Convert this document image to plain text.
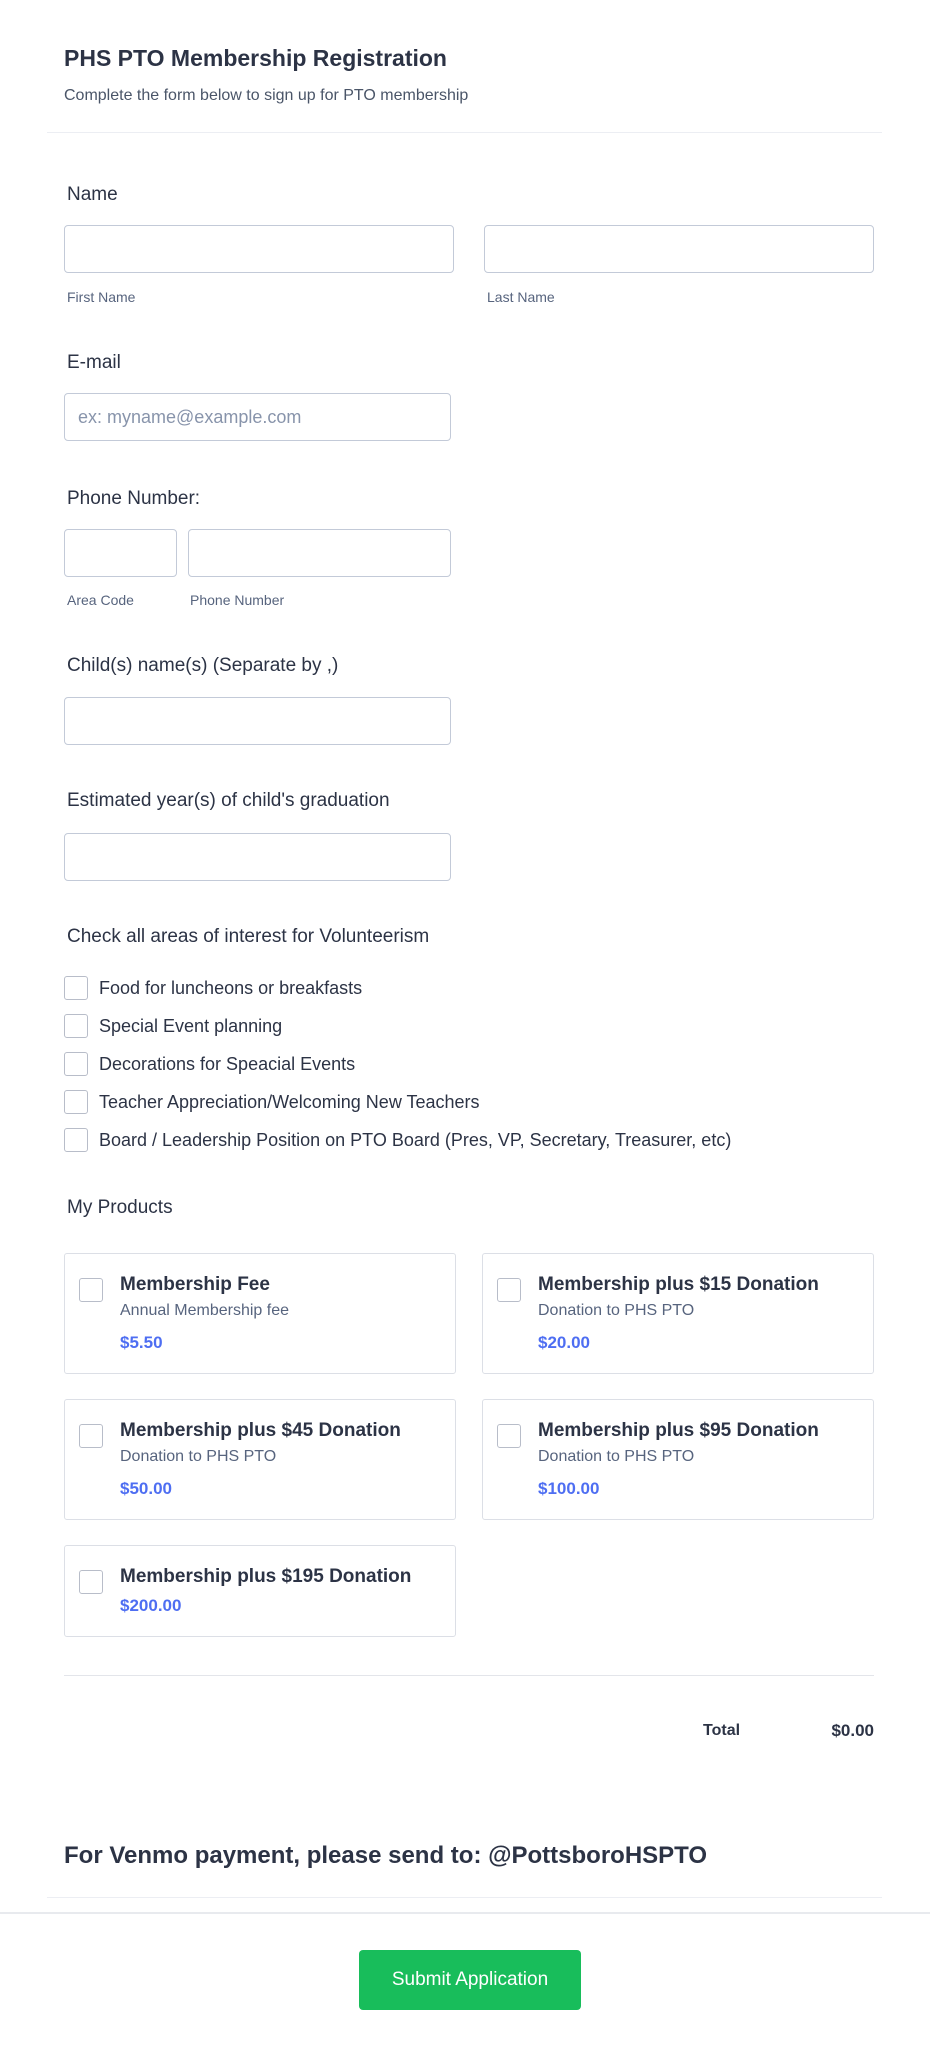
PHS PTO Membership Registration
Complete the form below to sign up for PTO membership
Name
First Name	Last Name
E-mail
ex: myname@example.com
Phone Number:
Area Code	Phone Number
Child(s) name(s) (Separate by ,)
Estimated year(s) of child's graduation
Check all areas of interest for Volunteerism
Food for luncheons or breakfasts
Special Event planning
Decorations for Speacial Events
Teacher Appreciation/Welcoming New Teachers
Board / Leadership Position on PTO Board (Pres, VP, Secretary, Treasurer, etc)
My Products
Membership Fee
Annual Membership fee
$5.50
Membership plus $15 Donation
Donation to PHS PTO
$20.00
Membership plus $45 Donation
Donation to PHS PTO
$50.00
Membership plus $95 Donation
Donation to PHS PTO
$100.00
Membership plus $195 Donation
$200.00
Total	$0.00
For Venmo payment, please send to: @PottsboroHSPTO
Submit Application
